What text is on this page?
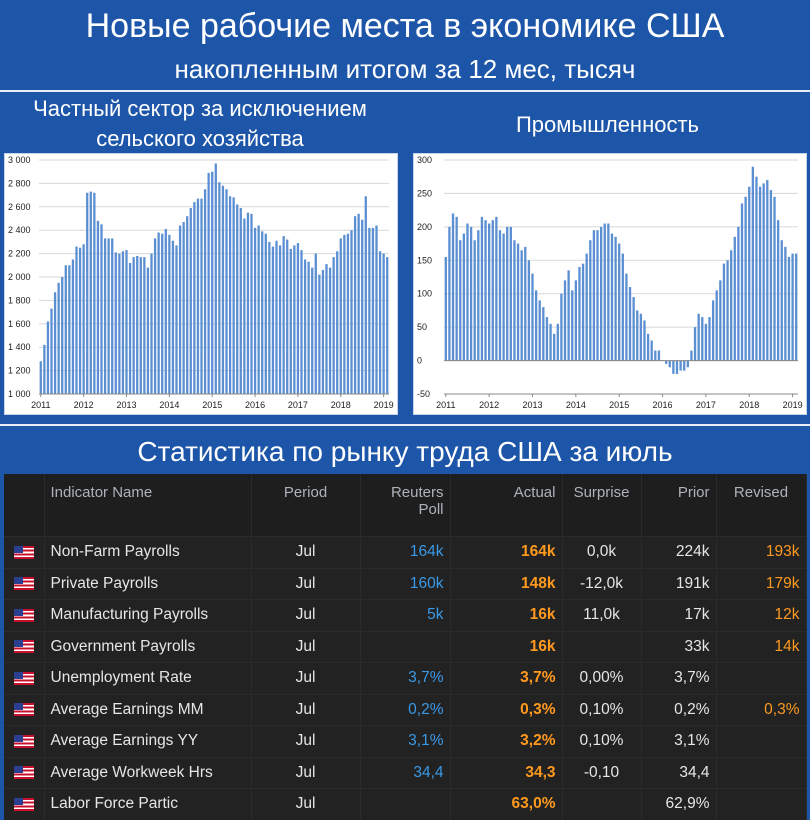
Новые рабочие места в экономике США
накопленным итогом за 12 мес, тысяч
Частный сектор за исключением
сельского хозяйства
Промышленность
1 000
1 200
1 400
1 600
1 800
2 000
2 200
2 400
2 600
2 800
3 000
2011	2012	2013	2014	2015	2016	2017	2018	2019
-50
0
50
100
150
200
250
300
2011	2012	2013	2014	2015	2016	2017	2018	2019
Статистика по рынку труда США за июль
	Indicator Name	Period	Reuters
Poll	Actual	Surprise	Prior	Revised
	Non-Farm Payrolls	Jul	164k	164k	0,0k	224k	193k
	Private Payrolls	Jul	160k	148k	-12,0k	191k	179k
	Manufacturing Payrolls	Jul	5k	16k	11,0k	17k	12k
	Government Payrolls	Jul		16k		33k	14k
	Unemployment Rate	Jul	3,7%	3,7%	0,00%	3,7%	
	Average Earnings MM	Jul	0,2%	0,3%	0,10%	0,2%	0,3%
	Average Earnings YY	Jul	3,1%	3,2%	0,10%	3,1%	
	Average Workweek Hrs	Jul	34,4	34,3	-0,10	34,4	
	Labor Force Partic	Jul		63,0%		62,9%	
